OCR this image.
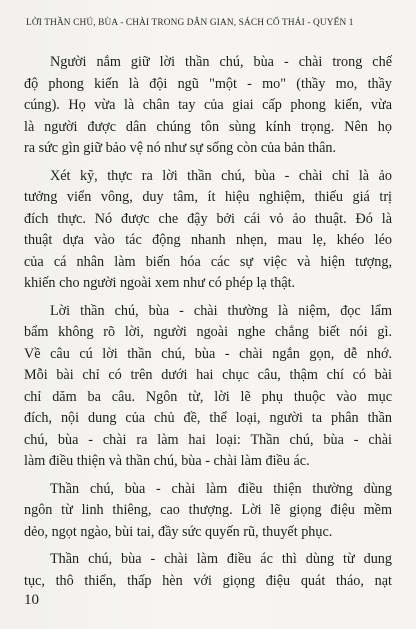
LỜI THẦN CHÚ, BÙA - CHÀI TRONG DÂN GIAN, SÁCH CỔ THÁI - QUYỂN 1

Người nắm giữ lời thần chú, bùa - chài trong chế
độ phong kiến là đội ngũ "một - mo" (thầy mo, thầy
cúng). Họ vừa là chân tay của giai cấp phong kiến, vừa
là người được dân chúng tôn sùng kính trọng. Nên họ
ra sức gìn giữ bảo vệ nó như sự sống còn của bản thân.

Xét kỹ, thực ra lời thần chú, bùa - chài chỉ là ảo
tưởng viển vông, duy tâm, ít hiệu nghiệm, thiếu giá trị
đích thực. Nó được che đậy bởi cái vỏ ảo thuật. Đó là
thuật dựa vào tác động nhanh nhẹn, mau lẹ, khéo léo
của cá nhân làm biến hóa các sự việc và hiện tượng,
khiến cho người ngoài xem như có phép lạ thật.

Lời thần chú, bùa - chài thường là niệm, đọc lẩm
bẩm không rõ lời, người ngoài nghe chẳng biết nói gì.
Về câu cú lời thần chú, bùa - chài ngắn gọn, dễ nhớ.
Mỗi bài chỉ có trên dưới hai chục câu, thậm chí có bài
chỉ dăm ba câu. Ngôn từ, lời lẽ phụ thuộc vào mục
đích, nội dung của chủ đề, thể loại, người ta phân thần
chú, bùa - chài ra làm hai loại: Thần chú, bùa - chài
làm điều thiện và thần chú, bùa - chài làm điều ác.

Thần chú, bùa - chài làm điều thiện thường dùng
ngôn từ linh thiêng, cao thượng. Lời lẽ giọng điệu mềm
dẻo, ngọt ngào, bùi tai, đầy sức quyến rũ, thuyết phục.

Thần chú, bùa - chài làm điều ác thì dùng từ dung
tục, thô thiển, thấp hèn với giọng điệu quát tháo, nạt

10
